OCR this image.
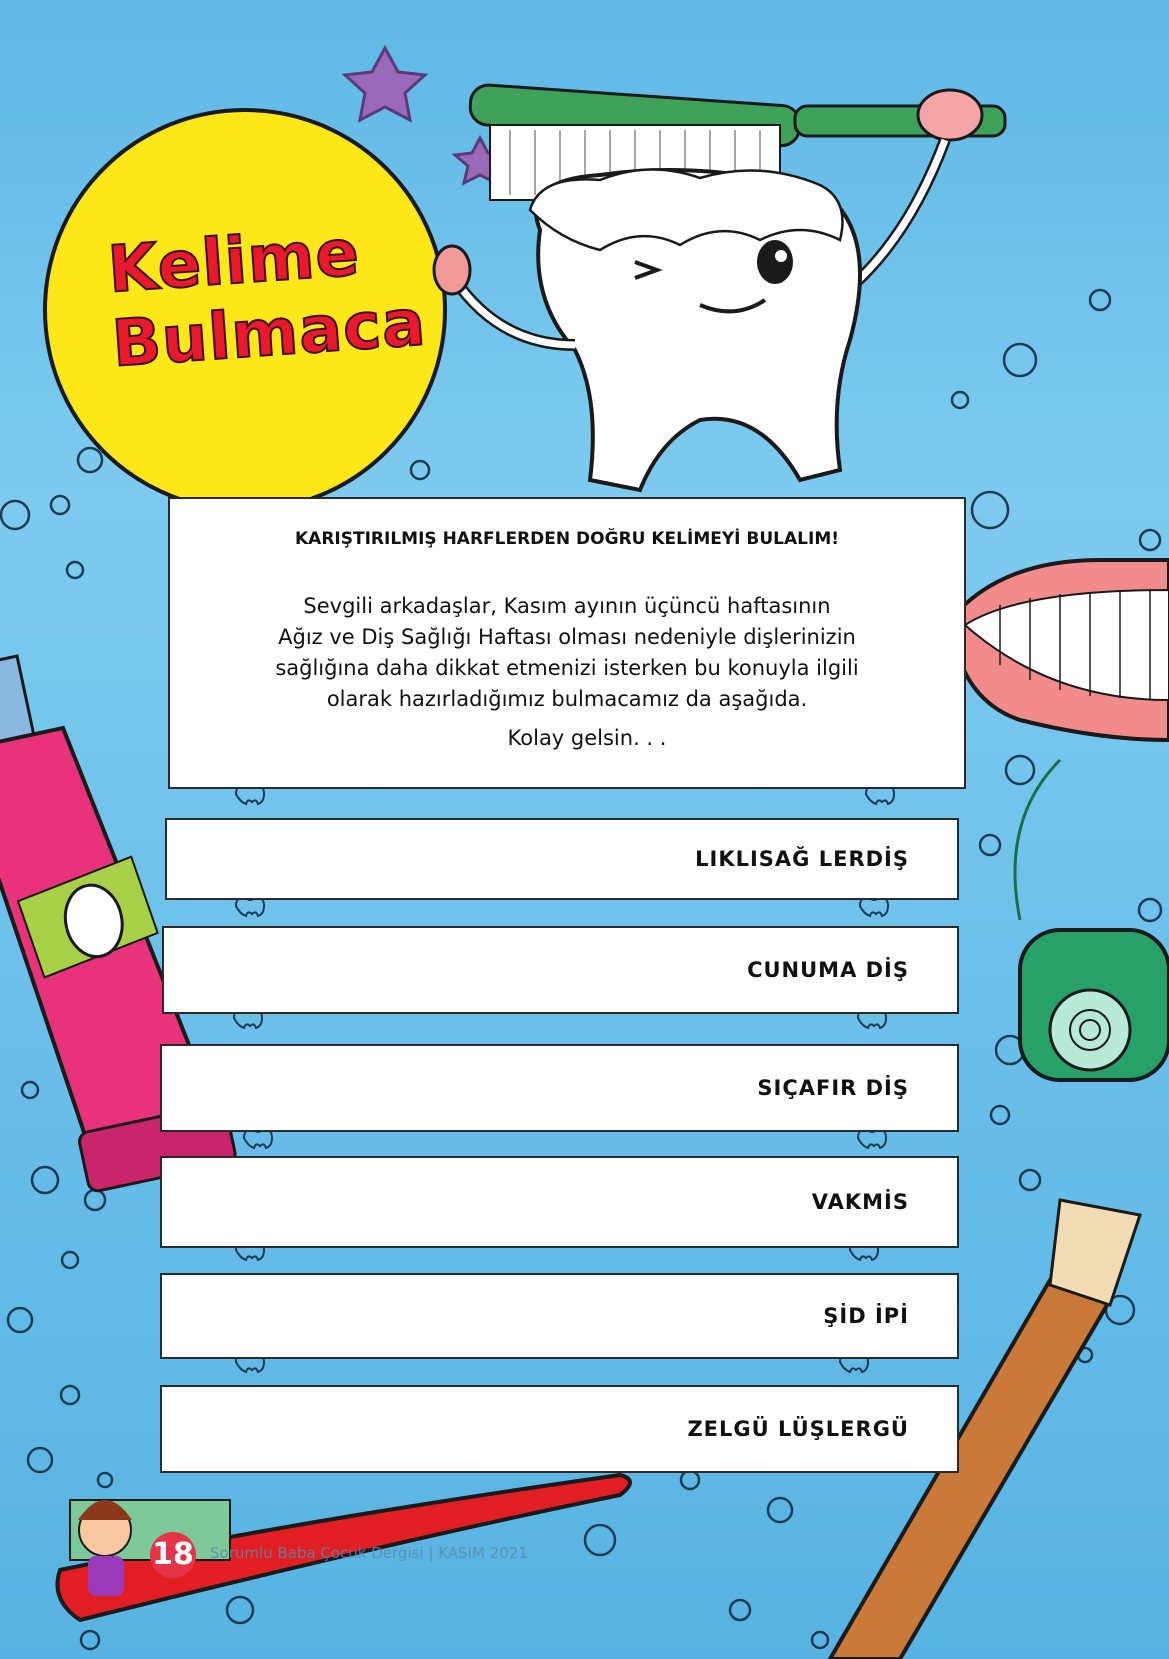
Kelime
Bulmaca
KARIŞTIRILMIŞ HARFLERDEN DOĞRU KELİMEYİ BULALIM!
Sevgili arkadaşlar, Kasım ayının üçüncü haftasının
Ağız ve Diş Sağlığı Haftası olması nedeniyle dişlerinizin
sağlığına daha dikkat etmenizi isterken bu konuyla ilgili
olarak hazırladığımız bulmacamız da aşağıda.
Kolay gelsin. . .
LIKLISAĞ LERDİŞ
CUNUMA DİŞ
SIÇAFIR DİŞ
VAKMİS
ŞİD İPİ
ZELGÜ LÜŞLERGÜ
18 Sorumlu Baba Çocuk Dergisi | KASIM 2021
